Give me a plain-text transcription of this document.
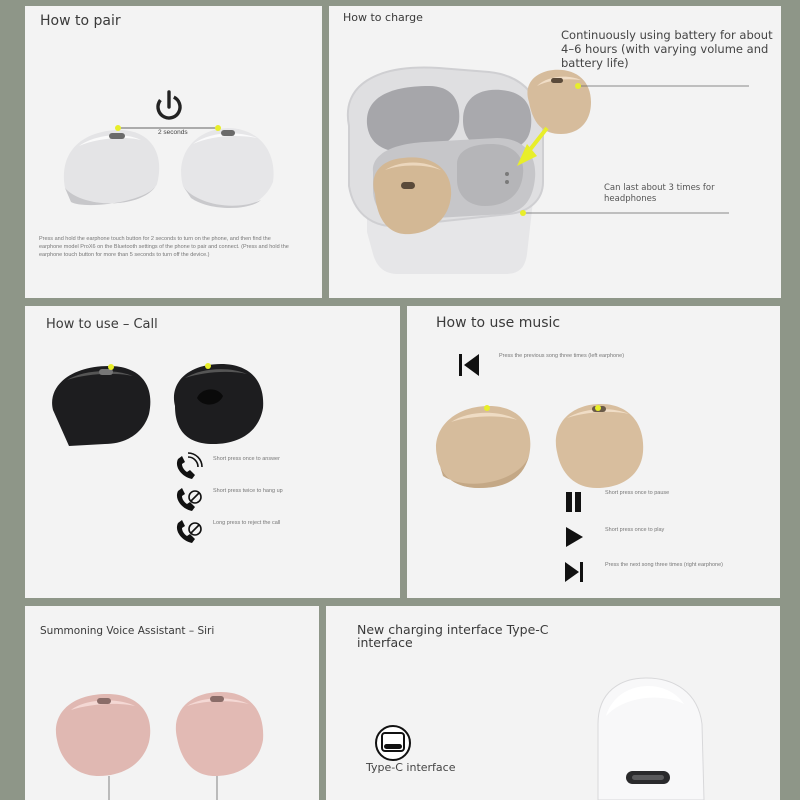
How to pair
2 seconds
Press and hold the earphone touch button for 2 seconds to turn on the phone, and then find the earphone model ProX6 on the Bluetooth settings of the phone to pair and connect. (Press and hold the earphone touch button for more than 5 seconds to turn off the device.)
How to charge
Continuously using battery for about 4–6 hours (with varying volume and battery life)
Can last about 3 times for headphones
How to use – Call
Short press once to answer
Short press twice to hang up
Long press to reject the call
How to use music
Press the previous song three times (left earphone)
Short press once to pause
Short press once to play
Press the next song three times (right earphone)
Summoning Voice Assistant – Siri	New charging interface Type-C
interface
Type-C interface
